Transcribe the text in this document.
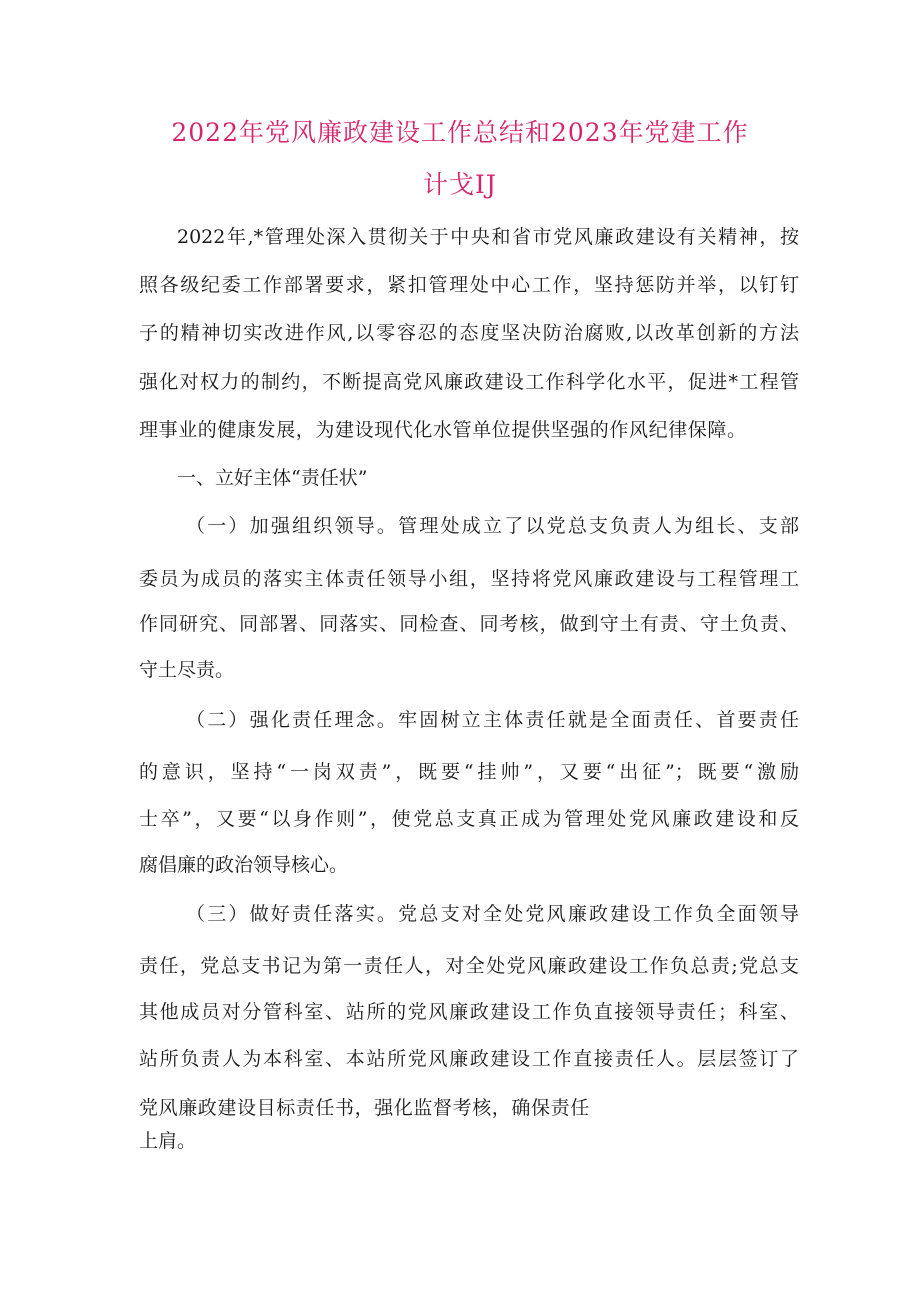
2022年党风廉政建设工作总结和2023年党建工作
计戈IJ
2022年,*管理处深入贯彻关于中央和省市党风廉政建设有关精神，按
照各级纪委工作部署要求，紧扣管理处中心工作，坚持惩防并举，以钉钉
子的精神切实改进作风,以零容忍的态度坚决防治腐败,以改革创新的方法
强化对权力的制约，不断提高党风廉政建设工作科学化水平，促进*工程管
理事业的健康发展，为建设现代化水管单位提供坚强的作风纪律保障。
一、立好主体“责任状”
（一）加强组织领导。管理处成立了以党总支负责人为组长、支部
委员为成员的落实主体责任领导小组，坚持将党风廉政建设与工程管理工
作同研究、同部署、同落实、同检查、同考核，做到守土有责、守土负责、
守土尽责。
（二）强化责任理念。牢固树立主体责任就是全面责任、首要责任
的意识，坚持“一岗双责”，既要“挂帅”，又要“出征”；既要“激励
士卒”，又要“以身作则”，使党总支真正成为管理处党风廉政建设和反
腐倡廉的政治领导核心。
（三）做好责任落实。党总支对全处党风廉政建设工作负全面领导
责任，党总支书记为第一责任人，对全处党风廉政建设工作负总责;党总支
其他成员对分管科室、站所的党风廉政建设工作负直接领导责任；科室、
站所负责人为本科室、本站所党风廉政建设工作直接责任人。层层签订了
党风廉政建设目标责任书，强化监督考核，确保责任
上肩。
